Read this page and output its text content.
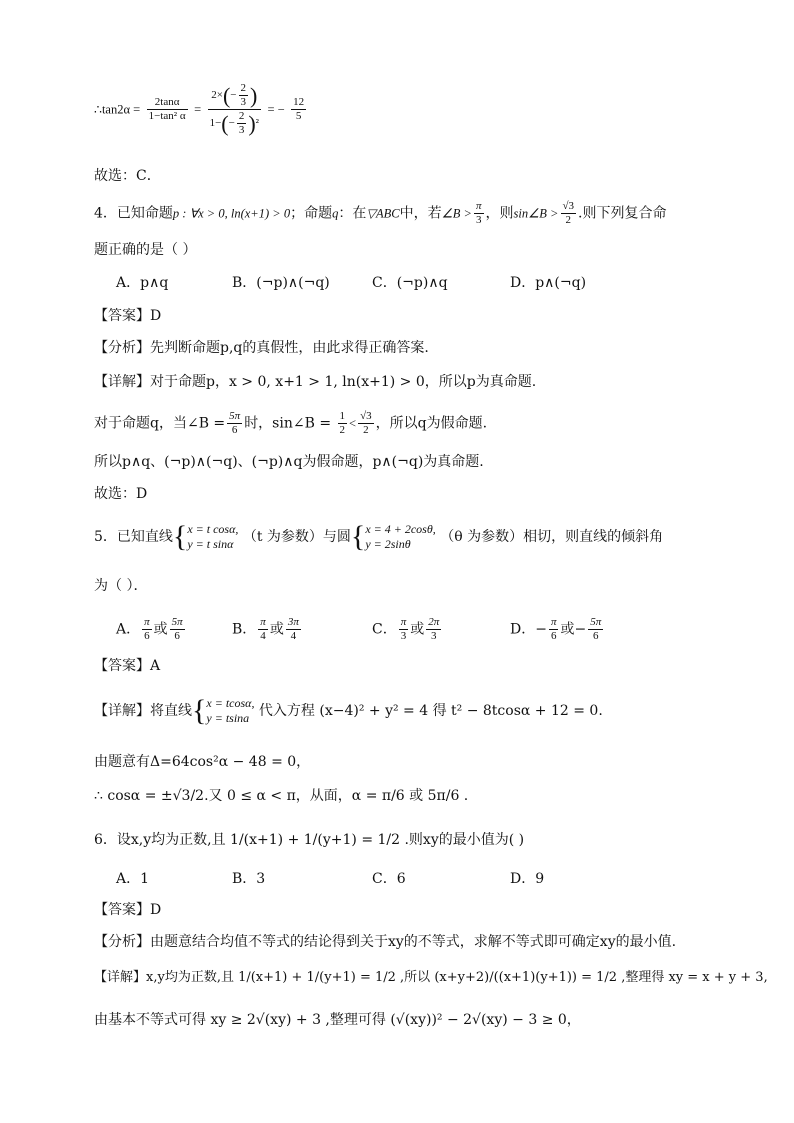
∴tan2α = $\frac{2\tan\alpha}{\text{1−tan² α}} = \frac{2\times(- \frac{2}{3} )}{1-(- \frac{2}{3} )^2}$ = − $\frac{12}{5}$
故选：C．
4．已知命题p : ∀x > 0, ln(x+1) > 0；命题q：在▽ABC中，若∠B > $\frac{\pi}{3}$ ，则sin∠B > $\frac{√3}{2}$ .则下列复合命
题正确的是（ ）
A．p∧q	B．(¬p)∧(¬q)	C．(¬p)∧q	D．p∧(¬q)
【答案】D
【分析】先判断命题p,q的真假性，由此求得正确答案.
【详解】对于命题p，x > 0, x+1 > 1, ln(x+1) > 0，所以p为真命题.
对于命题q，当∠B = $\frac{5\pi}{6}$ 时，sin∠B = $\frac{1}{2} < \frac{√3}{2}$ ，所以q为假命题.
所以p∧q、(¬p)∧(¬q)、(¬p)∧q为假命题，p∧(¬q)为真命题.
故选：D
5．已知直线{ x = t cosα,
y = t sinα （t 为参数）与圆{ x = 4 + 2cosθ,
y = 2sinθ	（θ 为参数）相切，则直线的倾斜角
为（ ）．
A． $\frac{\pi}{6}$ 或 $\frac{5\pi}{6}$	B． $\frac{\pi}{4}$ 或 $\frac{3\pi}{4}$	C． $\frac{\pi}{3}$ 或 $\frac{2\pi}{3}$	D．− $\frac{\pi}{6}$ 或− $\frac{5\pi}{6}$
【答案】A
【详解】将直线{ x = tcosα,
y = tsina 代入方程 (x−4)² + y² = 4 得 t² − 8tcosα + 12 = 0.
由题意有Δ=64cos²α − 48 = 0，
∴ cosα = ±√3/2.又 0 ≤ α < π，从面，α = π/6 或 5π/6 .
6．设x,y均为正数,且 1/(x+1) + 1/(y+1) = 1/2 .则xy的最小值为( )
A．1	B．3	C．6	D．9
【答案】D
【分析】由题意结合均值不等式的结论得到关于xy的不等式，求解不等式即可确定xy的最小值.
【详解】x,y均为正数,且 1/(x+1) + 1/(y+1) = 1/2 ,所以 (x+y+2)/((x+1)(y+1)) = 1/2 ,整理得 xy = x + y + 3,
由基本不等式可得 xy ≥ 2√(xy) + 3 ,整理可得 (√(xy))² − 2√(xy) − 3 ≥ 0，
